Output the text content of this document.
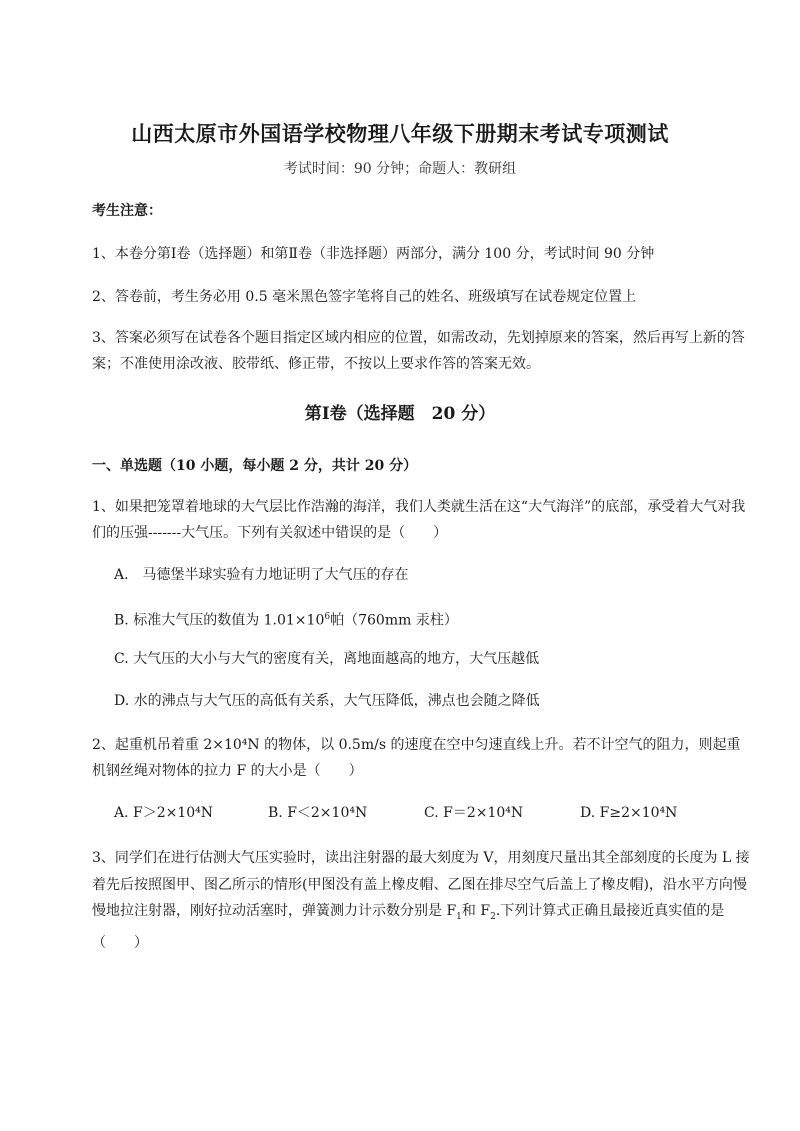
山西太原市外国语学校物理八年级下册期末考试专项测试
考试时间：90 分钟；命题人：教研组
考生注意：
1、本卷分第Ⅰ卷（选择题）和第Ⅱ卷（非选择题）两部分，满分 100 分，考试时间 90 分钟
2、答卷前，考生务必用 0.5 毫米黑色签字笔将自己的姓名、班级填写在试卷规定位置上
3、答案必须写在试卷各个题目指定区域内相应的位置，如需改动，先划掉原来的答案，然后再写上新的答案；不准使用涂改液、胶带纸、修正带，不按以上要求作答的答案无效。
第Ⅰ卷（选择题　20 分）
一、单选题（10 小题，每小题 2 分，共计 20 分）
1、如果把笼罩着地球的大气层比作浩瀚的海洋，我们人类就生活在这“大气海洋”的底部，承受着大气对我们的压强-------大气压。下列有关叙述中错误的是（　　）
A.　马德堡半球实验有力地证明了大气压的存在
B. 标准大气压的数值为 $1.01\times 10^6$帕（760mm 汞柱）
C. 大气压的大小与大气的密度有关，离地面越高的地方，大气压越低
D. 水的沸点与大气压的高低有关系，大气压降低，沸点也会随之降低
2、起重机吊着重 2×10⁴N 的物体，以 0.5m/s 的速度在空中匀速直线上升。若不计空气的阻力，则起重机钢丝绳对物体的拉力 F 的大小是（　　）
A. F＞2×10⁴N	B. F＜2×10⁴N	C. F＝2×10⁴N	D. F≥2×10⁴N
3、同学们在进行估测大气压实验时，读出注射器的最大刻度为 V，用刻度尺量出其全部刻度的长度为 L 接着先后按照图甲、图乙所示的情形(甲图没有盖上橡皮帽、乙图在排尽空气后盖上了橡皮帽)，沿水平方向慢慢地拉注射器，刚好拉动活塞时，弹簧测力计示数分别是 $F_1$和 $F_2$.下列计算式正确且最接近真实值的是（　　）
